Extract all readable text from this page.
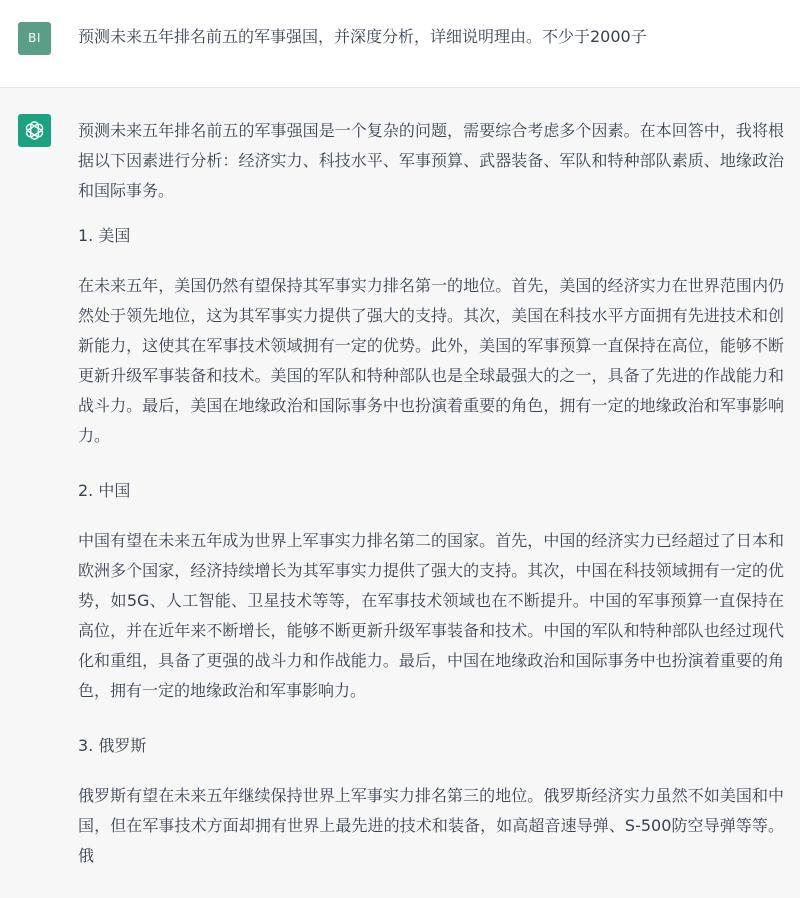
BI	预测未来五年排名前五的军事强国，并深度分析，详细说明理由。不少于2000子

预测未来五年排名前五的军事强国是一个复杂的问题，需要综合考虑多个因素。在本回答中，我将根据以下因素进行分析：经济实力、科技水平、军事预算、武器装备、军队和特种部队素质、地缘政治和国际事务。

1. 美国

在未来五年，美国仍然有望保持其军事实力排名第一的地位。首先，美国的经济实力在世界范围内仍然处于领先地位，这为其军事实力提供了强大的支持。其次，美国在科技水平方面拥有先进技术和创新能力，这使其在军事技术领域拥有一定的优势。此外，美国的军事预算一直保持在高位，能够不断更新升级军事装备和技术。美国的军队和特种部队也是全球最强大的之一，具备了先进的作战能力和战斗力。最后，美国在地缘政治和国际事务中也扮演着重要的角色，拥有一定的地缘政治和军事影响力。

2. 中国

中国有望在未来五年成为世界上军事实力排名第二的国家。首先，中国的经济实力已经超过了日本和欧洲多个国家，经济持续增长为其军事实力提供了强大的支持。其次，中国在科技领域拥有一定的优势，如5G、人工智能、卫星技术等等，在军事技术领域也在不断提升。中国的军事预算一直保持在高位，并在近年来不断增长，能够不断更新升级军事装备和技术。中国的军队和特种部队也经过现代化和重组，具备了更强的战斗力和作战能力。最后，中国在地缘政治和国际事务中也扮演着重要的角色，拥有一定的地缘政治和军事影响力。

3. 俄罗斯

俄罗斯有望在未来五年继续保持世界上军事实力排名第三的地位。俄罗斯经济实力虽然不如美国和中国，但在军事技术方面却拥有世界上最先进的技术和装备，如高超音速导弹、S-500防空导弹等等。俄
